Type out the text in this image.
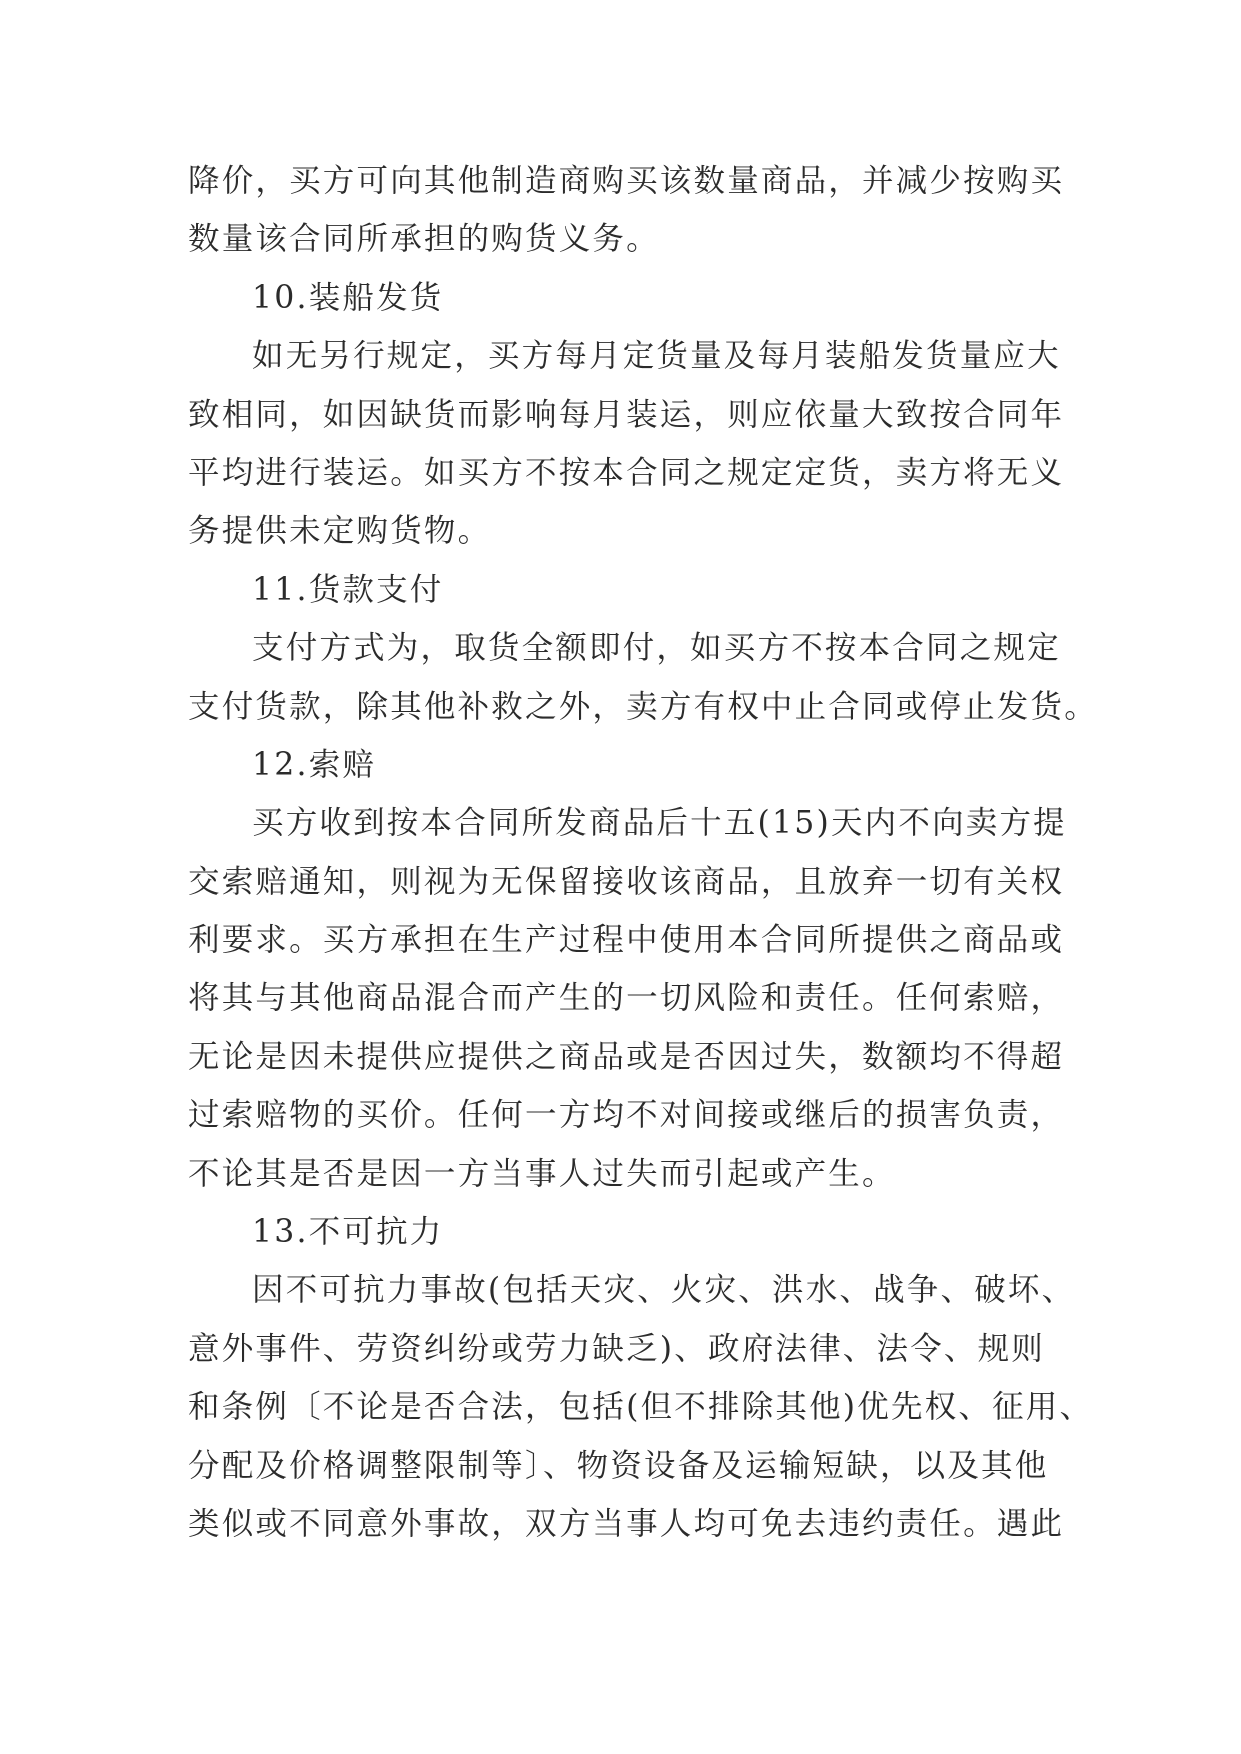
降价，买方可向其他制造商购买该数量商品，并减少按购买
数量该合同所承担的购货义务。
10.装船发货
如无另行规定，买方每月定货量及每月装船发货量应大
致相同，如因缺货而影响每月装运，则应依量大致按合同年
平均进行装运。如买方不按本合同之规定定货，卖方将无义
务提供未定购货物。
11.货款支付
支付方式为，取货全额即付，如买方不按本合同之规定
支付货款，除其他补救之外，卖方有权中止合同或停止发货。
12.索赔
买方收到按本合同所发商品后十五(15)天内不向卖方提
交索赔通知，则视为无保留接收该商品，且放弃一切有关权
利要求。买方承担在生产过程中使用本合同所提供之商品或
将其与其他商品混合而产生的一切风险和责任。任何索赔，
无论是因未提供应提供之商品或是否因过失，数额均不得超
过索赔物的买价。任何一方均不对间接或继后的损害负责，
不论其是否是因一方当事人过失而引起或产生。
13.不可抗力
因不可抗力事故(包括天灾、火灾、洪水、战争、破坏、
意外事件、劳资纠纷或劳力缺乏)、政府法律、法令、规则
和条例〔不论是否合法，包括(但不排除其他)优先权、征用、
分配及价格调整限制等〕、物资设备及运输短缺，以及其他
类似或不同意外事故，双方当事人均可免去违约责任。遇此
